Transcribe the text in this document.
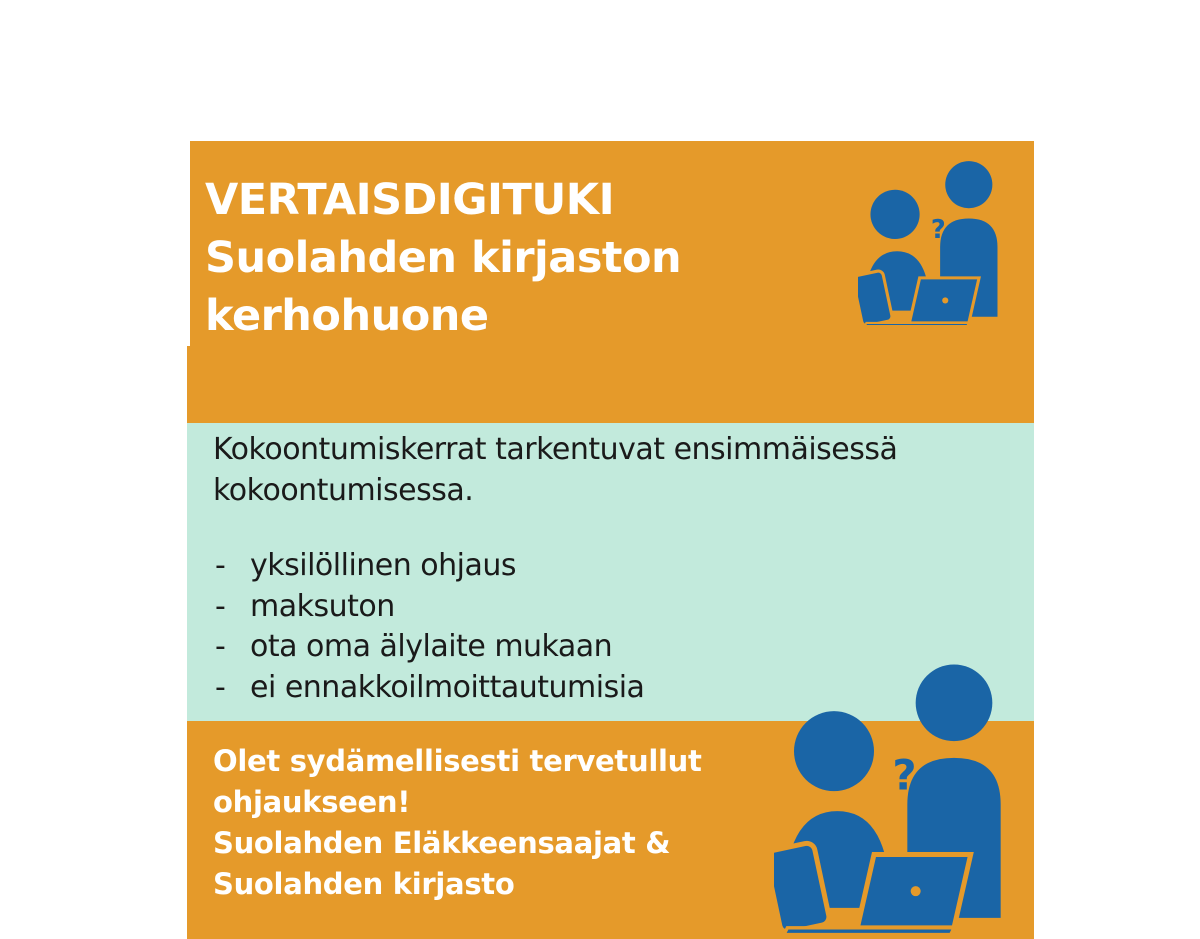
VERTAISDIGITUKI
Suolahden kirjaston
kerhohuone
?

Kokoontumiskerrat tarkentuvat ensimmäisessä
kokoontumisessa.

- yksilöllinen ohjaus
- maksuton
- ota oma älylaite mukaan
- ei ennakkoilmoittautumisia

Olet sydämellisesti tervetullut
ohjaukseen!
Suolahden Eläkkeensaajat &
Suolahden kirjasto

?
